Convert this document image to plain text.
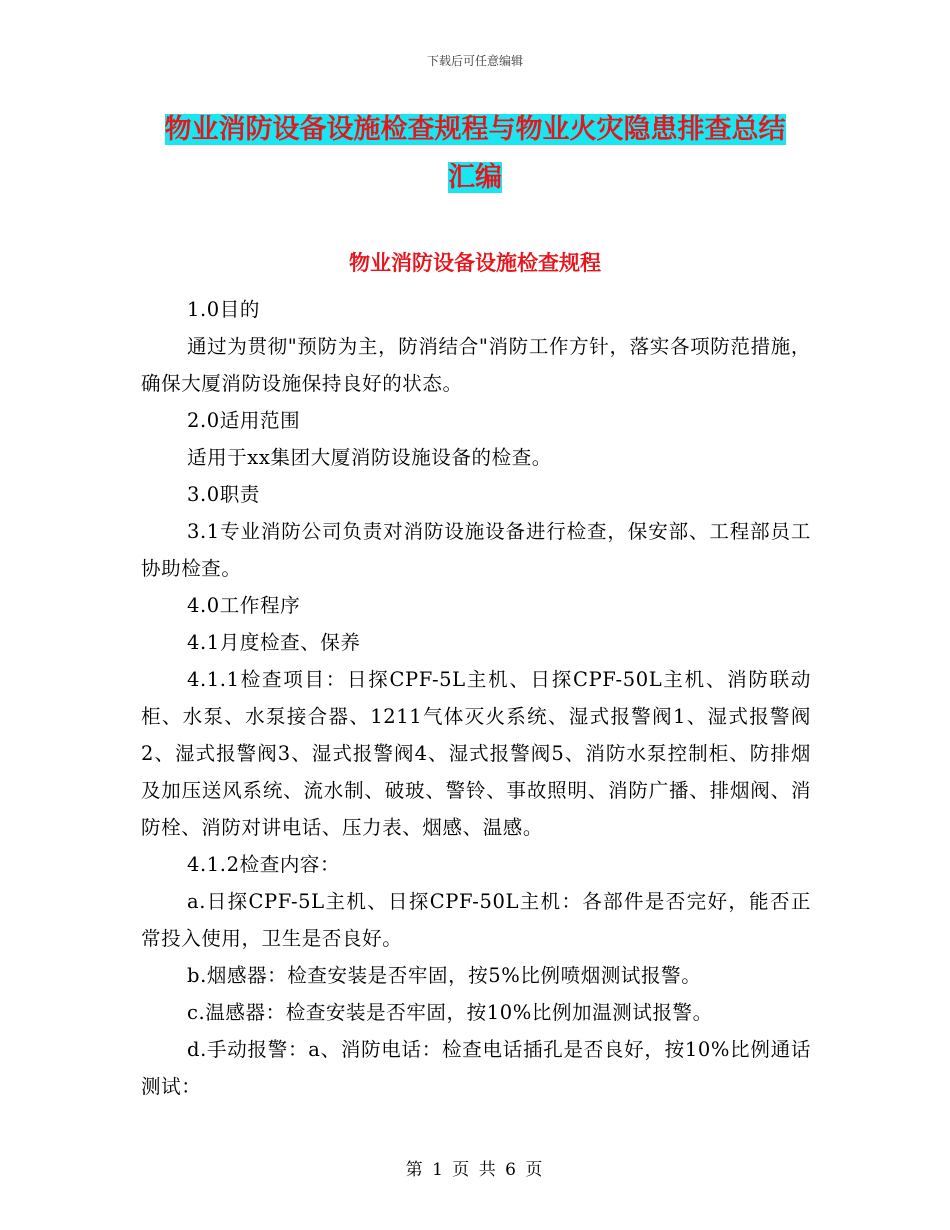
下载后可任意编辑
物业消防设备设施检查规程与物业火灾隐患排查总结
汇编
物业消防设备设施检查规程

1.0目的

通过为贯彻"预防为主，防消结合"消防工作方针，落实各项防范措施，确保大厦消防设施保持良好的状态。

2.0适用范围

适用于xx集团大厦消防设施设备的检查。

3.0职责

3.1专业消防公司负责对消防设施设备进行检查，保安部、工程部员工协助检查。

4.0工作程序

4.1月度检查、保养

4.1.1检查项目：日探CPF-5L主机、日探CPF-50L主机、消防联动柜、水泵、水泵接合器、1211气体灭火系统、湿式报警阀1、湿式报警阀2、湿式报警阀3、湿式报警阀4、湿式报警阀5、消防水泵控制柜、防排烟及加压送风系统、流水制、破玻、警铃、事故照明、消防广播、排烟阀、消防栓、消防对讲电话、压力表、烟感、温感。

4.1.2检查内容：

a.日探CPF-5L主机、日探CPF-50L主机：各部件是否完好，能否正常投入使用，卫生是否良好。

b.烟感器：检查安装是否牢固，按5%比例喷烟测试报警。

c.温感器：检查安装是否牢固，按10%比例加温测试报警。

d.手动报警：a、消防电话：检查电话插孔是否良好，按10%比例通话测试：

第 1 页 共 6 页
